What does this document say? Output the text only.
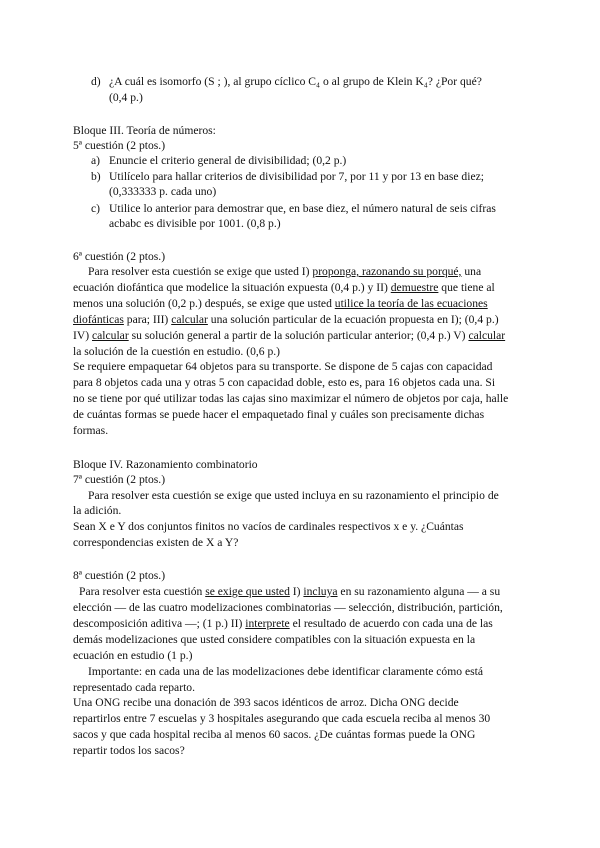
d) ¿A cuál es isomorfo (S ; ), al grupo cíclico C₄ o al grupo de Klein K₄? ¿Por qué?
(0,4 p.)
Bloque III. Teoría de números:
5ª cuestión (2 ptos.)
a) Enuncie el criterio general de divisibilidad; (0,2 p.)
b) Utilícelo para hallar criterios de divisibilidad por 7, por 11 y por 13 en base diez;
(0,333333 p. cada uno)
c) Utilice lo anterior para demostrar que, en base diez, el número natural de seis cifras
acbabc es divisible por 1001. (0,8 p.)
6ª cuestión (2 ptos.)
Para resolver esta cuestión se exige que usted I) proponga, razonando su porqué, una
ecuación diofántica que modelice la situación expuesta (0,4 p.) y II) demuestre que tiene al
menos una solución (0,2 p.) después, se exige que usted utilice la teoría de las ecuaciones
diofánticas para; III) calcular una solución particular de la ecuación propuesta en I); (0,4 p.)
IV) calcular su solución general a partir de la solución particular anterior; (0,4 p.) V) calcular
la solución de la cuestión en estudio. (0,6 p.)
Se requiere empaquetar 64 objetos para su transporte. Se dispone de 5 cajas con capacidad
para 8 objetos cada una y otras 5 con capacidad doble, esto es, para 16 objetos cada una. Si
no se tiene por qué utilizar todas las cajas sino maximizar el número de objetos por caja, halle
de cuántas formas se puede hacer el empaquetado final y cuáles son precisamente dichas
formas.
Bloque IV. Razonamiento combinatorio
7ª cuestión (2 ptos.)
Para resolver esta cuestión se exige que usted incluya en su razonamiento el principio de
la adición.
Sean X e Y dos conjuntos finitos no vacíos de cardinales respectivos x e y. ¿Cuántas
correspondencias existen de X a Y?
8ª cuestión (2 ptos.)
Para resolver esta cuestión se exige que usted I) incluya en su razonamiento alguna — a su
elección — de las cuatro modelizaciones combinatorias — selección, distribución, partición,
descomposición aditiva —; (1 p.) II) interprete el resultado de acuerdo con cada una de las
demás modelizaciones que usted considere compatibles con la situación expuesta en la
ecuación en estudio (1 p.)
Importante: en cada una de las modelizaciones debe identificar claramente cómo está
representado cada reparto.
Una ONG recibe una donación de 393 sacos idénticos de arroz. Dicha ONG decide
repartirlos entre 7 escuelas y 3 hospitales asegurando que cada escuela reciba al menos 30
sacos y que cada hospital reciba al menos 60 sacos. ¿De cuántas formas puede la ONG
repartir todos los sacos?
